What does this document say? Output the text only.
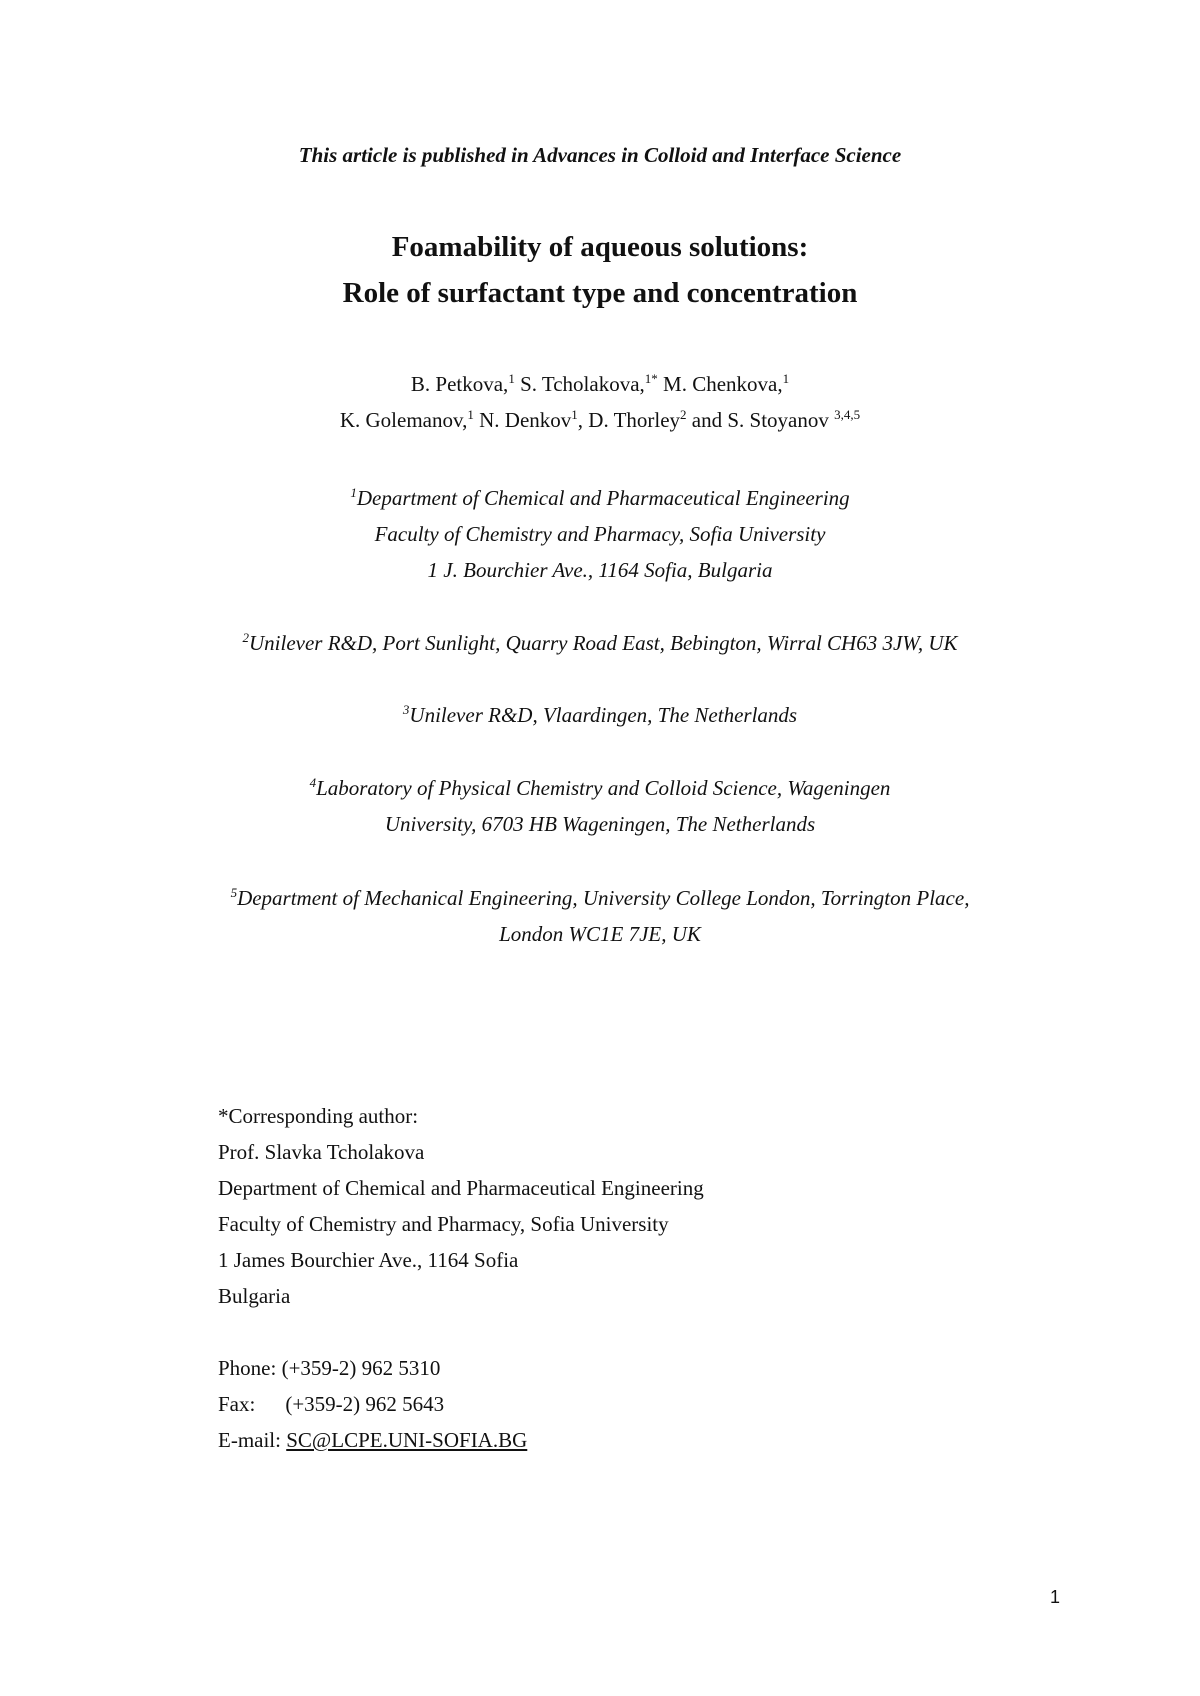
This article is published in Advances in Colloid and Interface Science
Foamability of aqueous solutions:
Role of surfactant type and concentration
B. Petkova,$^1$ S. Tcholakova,$^{1*}$ M. Chenkova,$^1$
K. Golemanov,$^1$ N. Denkov$^1$, D. Thorley$^2$ and S. Stoyanov $^{3,4,5}$
$^1$Department of Chemical and Pharmaceutical Engineering
Faculty of Chemistry and Pharmacy, Sofia University
1 J. Bourchier Ave., 1164 Sofia, Bulgaria
$^2$Unilever R&D, Port Sunlight, Quarry Road East, Bebington, Wirral CH63 3JW, UK
$^3$Unilever R&D, Vlaardingen, The Netherlands
$^4$Laboratory of Physical Chemistry and Colloid Science, Wageningen
University, 6703 HB Wageningen, The Netherlands
$^5$Department of Mechanical Engineering, University College London, Torrington Place,
London WC1E 7JE, UK
*Corresponding author:
Prof. Slavka Tcholakova
Department of Chemical and Pharmaceutical Engineering
Faculty of Chemistry and Pharmacy, Sofia University
1 James Bourchier Ave., 1164 Sofia
Bulgaria
Phone: (+359-2) 962 5310
Fax: (+359-2) 962 5643
E-mail: SC@LCPE.UNI-SOFIA.BG
1
